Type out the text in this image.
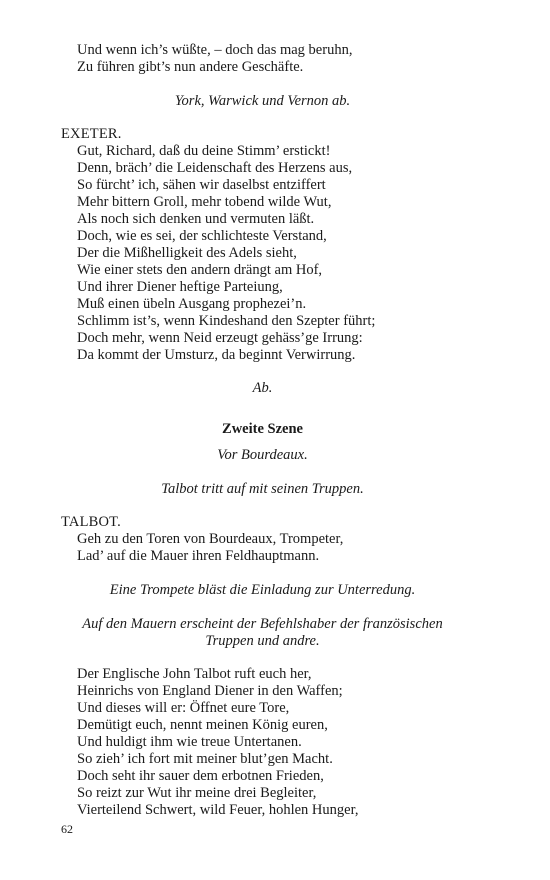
Und wenn ich’s wüßte, – doch das mag beruhn,
Zu führen gibt’s nun andere Geschäfte.
York, Warwick und Vernon ab.
EXETER.
Gut, Richard, daß du deine Stimm’ erstickt!
Denn, bräch’ die Leidenschaft des Herzens aus,
So fürcht’ ich, sähen wir daselbst entziffert
Mehr bittern Groll, mehr tobend wilde Wut,
Als noch sich denken und vermuten läßt.
Doch, wie es sei, der schlichteste Verstand,
Der die Mißhelligkeit des Adels sieht,
Wie einer stets den andern drängt am Hof,
Und ihrer Diener heftige Parteiung,
Muß einen übeln Ausgang prophezei’n.
Schlimm ist’s, wenn Kindeshand den Szepter führt;
Doch mehr, wenn Neid erzeugt gehäss’ge Irrung:
Da kommt der Umsturz, da beginnt Verwirrung.
Ab.
Zweite Szene
Vor Bourdeaux.
Talbot tritt auf mit seinen Truppen.
TALBOT.
Geh zu den Toren von Bourdeaux, Trompeter,
Lad’ auf die Mauer ihren Feldhauptmann.
Eine Trompete bläst die Einladung zur Unterredung.
Auf den Mauern erscheint der Befehlshaber der französischen
Truppen und andre.
Der Englische John Talbot ruft euch her,
Heinrichs von England Diener in den Waffen;
Und dieses will er: Öffnet eure Tore,
Demütigt euch, nennt meinen König euren,
Und huldigt ihm wie treue Untertanen.
So zieh’ ich fort mit meiner blut’gen Macht.
Doch seht ihr sauer dem erbotnen Frieden,
So reizt zur Wut ihr meine drei Begleiter,
Vierteilend Schwert, wild Feuer, hohlen Hunger,
62
